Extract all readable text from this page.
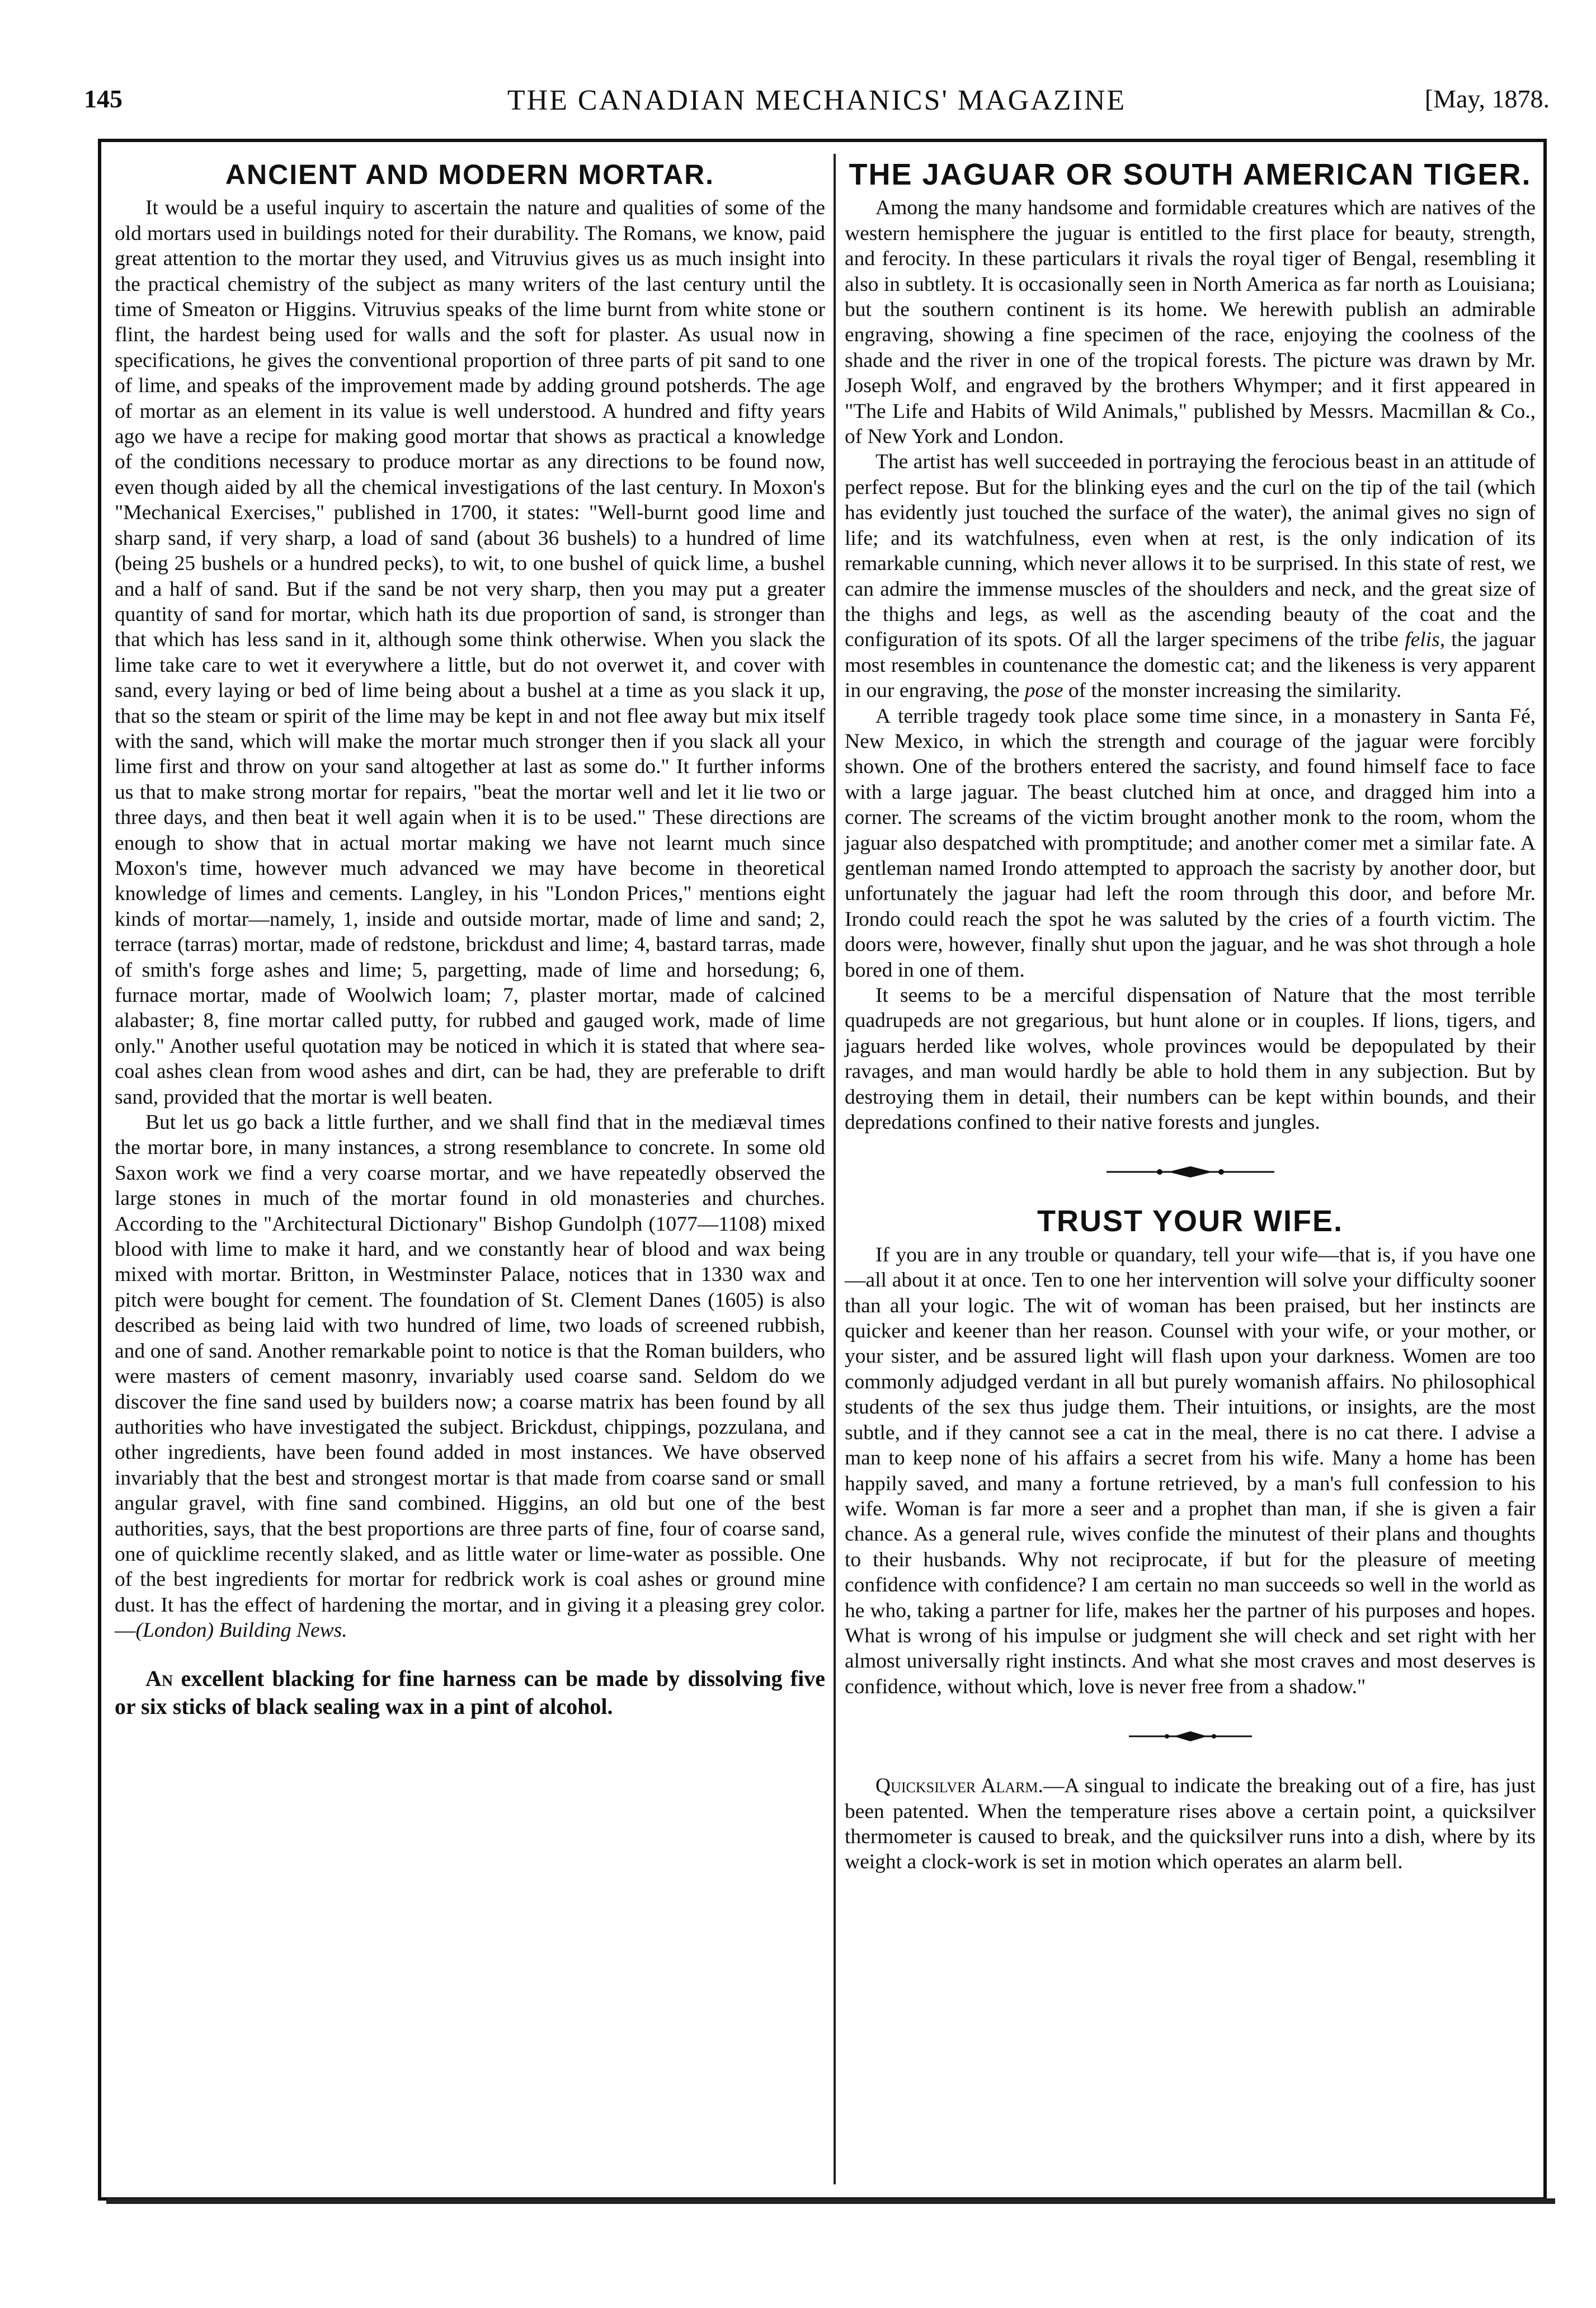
145	THE CANADIAN MECHANICS' MAGAZINE	[May, 1878.
ANCIENT AND MODERN MORTAR.

It would be a useful inquiry to ascertain the nature and qualities of some of the old mortars used in buildings noted for their durability. The Romans, we know, paid great attention to the mortar they used, and Vitruvius gives us as much insight into the practical chemistry of the subject as many writers of the last century until the time of Smeaton or Higgins. Vitruvius speaks of the lime burnt from white stone or flint, the hardest being used for walls and the soft for plaster. As usual now in specifications, he gives the conventional proportion of three parts of pit sand to one of lime, and speaks of the improvement made by adding ground potsherds. The age of mortar as an element in its value is well understood. A hundred and fifty years ago we have a recipe for making good mortar that shows as practical a knowledge of the conditions necessary to produce mortar as any directions to be found now, even though aided by all the chemical investigations of the last century. In Moxon's "Mechanical Exercises," published in 1700, it states: "Well-burnt good lime and sharp sand, if very sharp, a load of sand (about 36 bushels) to a hundred of lime (being 25 bushels or a hundred pecks), to wit, to one bushel of quick lime, a bushel and a half of sand. But if the sand be not very sharp, then you may put a greater quantity of sand for mortar, which hath its due proportion of sand, is stronger than that which has less sand in it, although some think otherwise. When you slack the lime take care to wet it everywhere a little, but do not overwet it, and cover with sand, every laying or bed of lime being about a bushel at a time as you slack it up, that so the steam or spirit of the lime may be kept in and not flee away but mix itself with the sand, which will make the mortar much stronger then if you slack all your lime first and throw on your sand altogether at last as some do." It further informs us that to make strong mortar for repairs, "beat the mortar well and let it lie two or three days, and then beat it well again when it is to be used." These directions are enough to show that in actual mortar making we have not learnt much since Moxon's time, however much advanced we may have become in theoretical knowledge of limes and cements. Langley, in his "London Prices," mentions eight kinds of mortar—namely, 1, inside and outside mortar, made of lime and sand; 2, terrace (tarras) mortar, made of redstone, brickdust and lime; 4, bastard tarras, made of smith's forge ashes and lime; 5, pargetting, made of lime and horsedung; 6, furnace mortar, made of Woolwich loam; 7, plaster mortar, made of calcined alabaster; 8, fine mortar called putty, for rubbed and gauged work, made of lime only." Another useful quotation may be noticed in which it is stated that where sea-coal ashes clean from wood ashes and dirt, can be had, they are preferable to drift sand, provided that the mortar is well beaten.

But let us go back a little further, and we shall find that in the mediæval times the mortar bore, in many instances, a strong resemblance to concrete. In some old Saxon work we find a very coarse mortar, and we have repeatedly observed the large stones in much of the mortar found in old monasteries and churches. According to the "Architectural Dictionary" Bishop Gundolph (1077—1108) mixed blood with lime to make it hard, and we constantly hear of blood and wax being mixed with mortar. Britton, in Westminster Palace, notices that in 1330 wax and pitch were bought for cement. The foundation of St. Clement Danes (1605) is also described as being laid with two hundred of lime, two loads of screened rubbish, and one of sand. Another remarkable point to notice is that the Roman builders, who were masters of cement masonry, invariably used coarse sand. Seldom do we discover the fine sand used by builders now; a coarse matrix has been found by all authorities who have investigated the subject. Brickdust, chippings, pozzulana, and other ingredients, have been found added in most instances. We have observed invariably that the best and strongest mortar is that made from coarse sand or small angular gravel, with fine sand combined. Higgins, an old but one of the best authorities, says, that the best proportions are three parts of fine, four of coarse sand, one of quicklime recently slaked, and as little water or lime-water as possible. One of the best ingredients for mortar for redbrick work is coal ashes or ground mine dust. It has the effect of hardening the mortar, and in giving it a pleasing grey color.—(London) Building News.

An excellent blacking for fine harness can be made by dissolving five or six sticks of black sealing wax in a pint of alcohol.

THE JAGUAR OR SOUTH AMERICAN TIGER.

Among the many handsome and formidable creatures which are natives of the western hemisphere the juguar is entitled to the first place for beauty, strength, and ferocity. In these particulars it rivals the royal tiger of Bengal, resembling it also in subtlety. It is occasionally seen in North America as far north as Louisiana; but the southern continent is its home. We herewith publish an admirable engraving, showing a fine specimen of the race, enjoying the coolness of the shade and the river in one of the tropical forests. The picture was drawn by Mr. Joseph Wolf, and engraved by the brothers Whymper; and it first appeared in "The Life and Habits of Wild Animals," published by Messrs. Macmillan & Co., of New York and London.

The artist has well succeeded in portraying the ferocious beast in an attitude of perfect repose. But for the blinking eyes and the curl on the tip of the tail (which has evidently just touched the surface of the water), the animal gives no sign of life; and its watchfulness, even when at rest, is the only indication of its remarkable cunning, which never allows it to be surprised. In this state of rest, we can admire the immense muscles of the shoulders and neck, and the great size of the thighs and legs, as well as the ascending beauty of the coat and the configuration of its spots. Of all the larger specimens of the tribe felis, the jaguar most resembles in countenance the domestic cat; and the likeness is very apparent in our engraving, the pose of the monster increasing the similarity.

A terrible tragedy took place some time since, in a monastery in Santa Fé, New Mexico, in which the strength and courage of the jaguar were forcibly shown. One of the brothers entered the sacristy, and found himself face to face with a large jaguar. The beast clutched him at once, and dragged him into a corner. The screams of the victim brought another monk to the room, whom the jaguar also despatched with promptitude; and another comer met a similar fate. A gentleman named Irondo attempted to approach the sacristy by another door, but unfortunately the jaguar had left the room through this door, and before Mr. Irondo could reach the spot he was saluted by the cries of a fourth victim. The doors were, however, finally shut upon the jaguar, and he was shot through a hole bored in one of them.

It seems to be a merciful dispensation of Nature that the most terrible quadrupeds are not gregarious, but hunt alone or in couples. If lions, tigers, and jaguars herded like wolves, whole provinces would be depopulated by their ravages, and man would hardly be able to hold them in any subjection. But by destroying them in detail, their numbers can be kept within bounds, and their depredations confined to their native forests and jungles.

TRUST YOUR WIFE.

If you are in any trouble or quandary, tell your wife—that is, if you have one—all about it at once. Ten to one her intervention will solve your difficulty sooner than all your logic. The wit of woman has been praised, but her instincts are quicker and keener than her reason. Counsel with your wife, or your mother, or your sister, and be assured light will flash upon your darkness. Women are too commonly adjudged verdant in all but purely womanish affairs. No philosophical students of the sex thus judge them. Their intuitions, or insights, are the most subtle, and if they cannot see a cat in the meal, there is no cat there. I advise a man to keep none of his affairs a secret from his wife. Many a home has been happily saved, and many a fortune retrieved, by a man's full confession to his wife. Woman is far more a seer and a prophet than man, if she is given a fair chance. As a general rule, wives confide the minutest of their plans and thoughts to their husbands. Why not reciprocate, if but for the pleasure of meeting confidence with confidence? I am certain no man succeeds so well in the world as he who, taking a partner for life, makes her the partner of his purposes and hopes. What is wrong of his impulse or judgment she will check and set right with her almost universally right instincts. And what she most craves and most deserves is confidence, without which, love is never free from a shadow."

Quicksilver Alarm.—A singual to indicate the breaking out of a fire, has just been patented. When the temperature rises above a certain point, a quicksilver thermometer is caused to break, and the quicksilver runs into a dish, where by its weight a clock-work is set in motion which operates an alarm bell.
